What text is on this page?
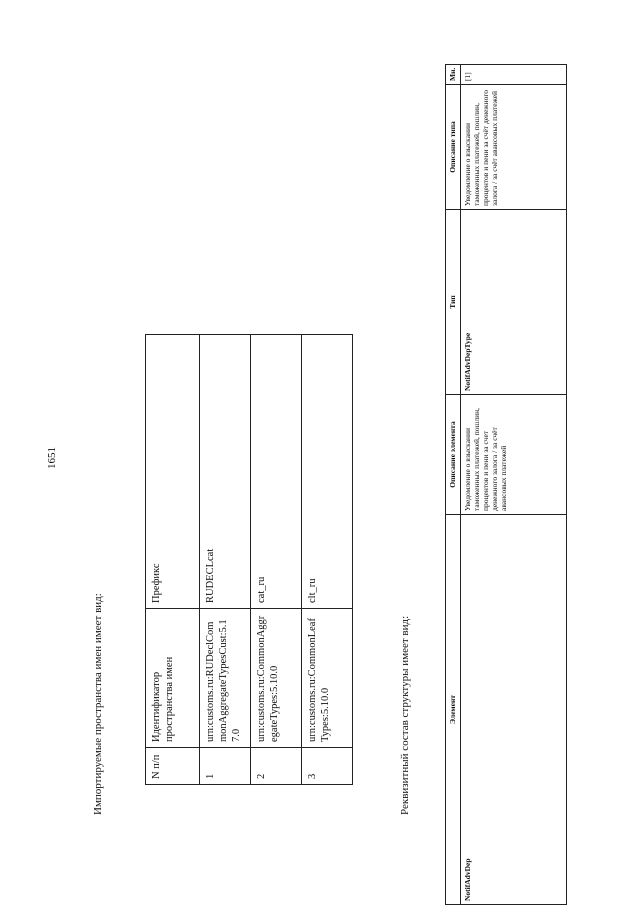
1651
Импортируемые пространства имен имеет вид:	N п/п	Идентификатор пространства имен	Префикс
1	urn:customs.ru:RUDeclCommonAggregateTypesCust:5.17.0	RUDECLcat
2	urn:customs.ru:CommonAggregateTypes:5.10.0	cat_ru
3	urn:customs.ru:CommonLeafTypes:5.10.0	clt_ru
Реквизитный состав структуры имеет вид:	Элемент	Описание элемента	Тип	Описание типа	Мн.
NotifAdvDep	Уведомление о взыскании таможенных платежей, пошлин, процентов и пени за счет денежного залога / за счёт авансовых платежей	NotifAdvDepType	Уведомление о взыскании таможенных платежей, пошлин, процентов и пени за счёт денежного залога / за счёт авансовых платежей	[1]
